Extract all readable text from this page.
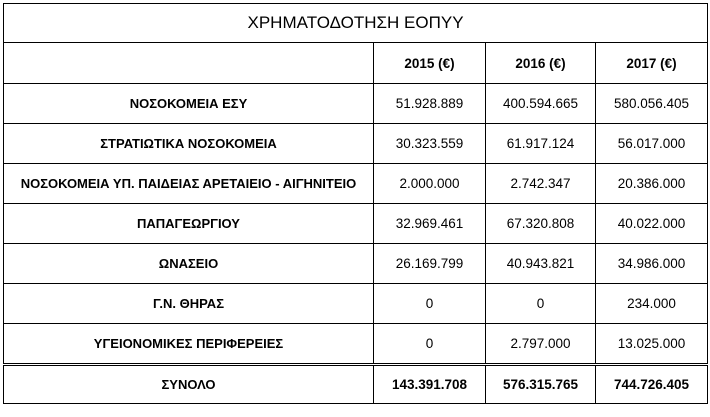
ΧΡΗΜΑΤΟΔΟΤΗΣΗ ΕΟΠΥΥ			
	2015 (€)	2016 (€)	2017 (€)
ΝΟΣΟΚΟΜΕΙΑ ΕΣΥ	51.928.889	400.594.665	580.056.405
ΣΤΡΑΤΙΩΤΙΚΑ ΝΟΣΟΚΟΜΕΙΑ	30.323.559	61.917.124	56.017.000
ΝΟΣΟΚΟΜΕΙΑ ΥΠ. ΠΑΙΔΕΙΑΣ ΑΡΕΤΑΙΕΙΟ - ΑΙΓΗΝΙΤΕΙΟ	2.000.000	2.742.347	20.386.000
ΠΑΠΑΓΕΩΡΓΙΟΥ	32.969.461	67.320.808	40.022.000
ΩΝΑΣΕΙΟ	26.169.799	40.943.821	34.986.000
Γ.Ν. ΘΗΡΑΣ	0	0	234.000
ΥΓΕΙΟΝΟΜΙΚΕΣ ΠΕΡΙΦΕΡΕΙΕΣ	0	2.797.000	13.025.000
ΣΥΝΟΛΟ	143.391.708	576.315.765	744.726.405
